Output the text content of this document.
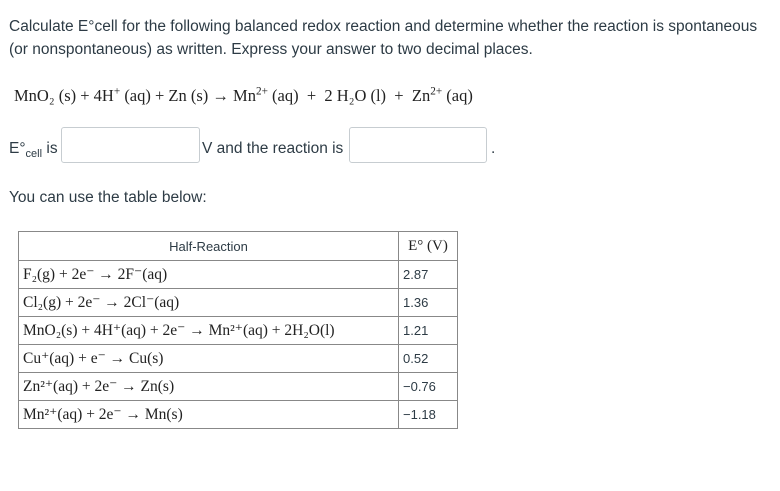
Calculate E°cell for the following balanced redox reaction and determine whether the reaction is spontaneous
(or nonspontaneous) as written. Express your answer to two decimal places.
MnO₂ (s) + 4H+ (aq) + Zn $(s) \to Mn^{2+}$ (aq)  +  2 H₂O $(l) + Zn^{2+}$ (aq)
$E^\circ_{cell}$ is	V and the reaction is	.
You can use the table below:
Half-Reaction	E° (V)
F₂(g) + 2e⁻ → 2F⁻(aq)	2.87
Cl₂(g) + 2e⁻ → 2Cl⁻(aq)	1.36
MnO₂(s) + 4H⁺(aq) + 2e⁻ → Mn²⁺(aq) + 2H₂O(l)	1.21
Cu⁺(aq) + e⁻ → Cu(s)	0.52
Zn²⁺(aq) + 2e⁻ → Zn(s)	−0.76
Mn²⁺(aq) + 2e⁻ → Mn(s)	−1.18
